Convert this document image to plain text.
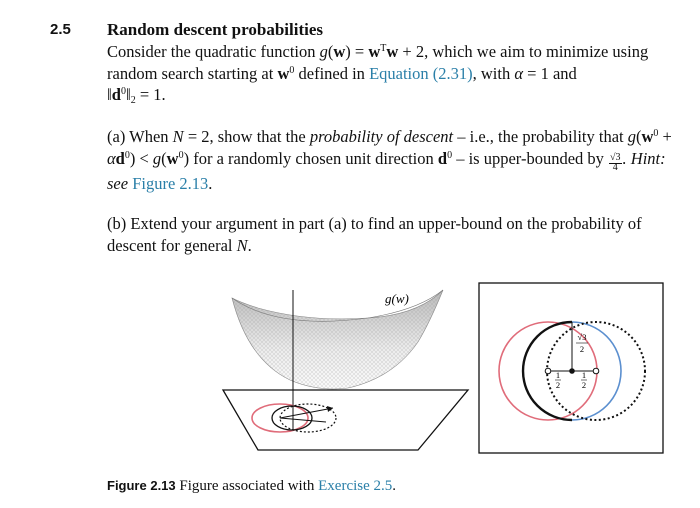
2.5 Random descent probabilities
Consider the quadratic function $g(w) = w^Tw + 2$, which we aim to minimize using random search starting at $w^0$ defined in Equation (2.31), with α = 1 and
$‖d^0‖_2 = 1$.
(a) When N = 2, show that the probability of descent – i.e., the probability that $g(w^0 + \alpha d^0) < g(w^0)$ for a randomly chosen unit direction $d^0$ – is upper-bounded by $\frac{√3}{4}$. Hint: see Figure 2.13.
(b) Extend your argument in part (a) to find an upper-bound on the probability of descent for general N.
g(w)
√3
2
1
2
1
2
Figure 2.13 Figure associated with Exercise 2.5.
